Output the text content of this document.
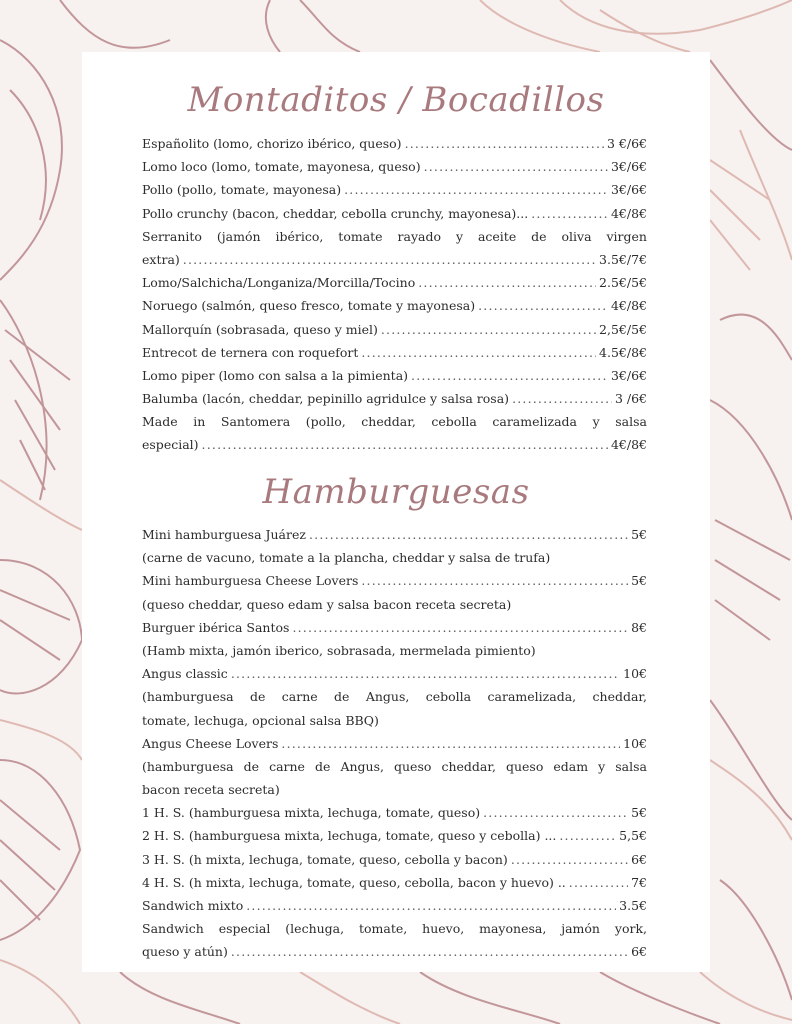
Montaditos / Bocadillos
Españolito (lomo, chorizo ibérico, queso) .....	3 €/6€
Lomo loco (lomo, tomate, mayonesa, queso) .....	3€/6€
Pollo (pollo, tomate, mayonesa) .....	3€/6€
Pollo crunchy (bacon, cheddar, cebolla crunchy, mayonesa)... .....	4€/8€
Serranito (jamón ibérico, tomate rayado y aceite de oliva virgen
extra) .....	3.5€/7€
Lomo/Salchicha/Longaniza/Morcilla/Tocino .....	2.5€/5€
Noruego (salmón, queso fresco, tomate y mayonesa) .....	4€/8€
Mallorquín (sobrasada, queso y miel) .....	2,5€/5€
Entrecot de ternera con roquefort .....	4.5€/8€
Lomo piper (lomo con salsa a la pimienta) .....	3€/6€
Balumba (lacón, cheddar, pepinillo agridulce y salsa rosa) .....	3 /6€
Made in Santomera (pollo, cheddar, cebolla caramelizada y salsa
especial) .....	4€/8€
Hamburguesas
Mini hamburguesa Juárez .....	5€
(carne de vacuno, tomate a la plancha, cheddar y salsa de trufa)
Mini hamburguesa Cheese Lovers .....	5€
(queso cheddar, queso edam y salsa bacon receta secreta)
Burguer ibérica Santos .....	8€
(Hamb mixta, jamón iberico, sobrasada, mermelada pimiento)
Angus classic .....	10€
(hamburguesa de carne de Angus, cebolla caramelizada, cheddar,
tomate, lechuga, opcional salsa BBQ)
Angus Cheese Lovers .....	10€
(hamburguesa de carne de Angus, queso cheddar, queso edam y salsa
bacon receta secreta)
1 H. S. (hamburguesa mixta, lechuga, tomate, queso) .....	5€
2 H. S. (hamburguesa mixta, lechuga, tomate, queso y cebolla) ... .....	5,5€
3 H. S. (h mixta, lechuga, tomate, queso, cebolla y bacon) .....	6€
4 H. S. (h mixta, lechuga, tomate, queso, cebolla, bacon y huevo) .. .....	7€
Sandwich mixto .....	3.5€
Sandwich especial (lechuga, tomate, huevo, mayonesa, jamón york,
queso y atún) .....	6€
